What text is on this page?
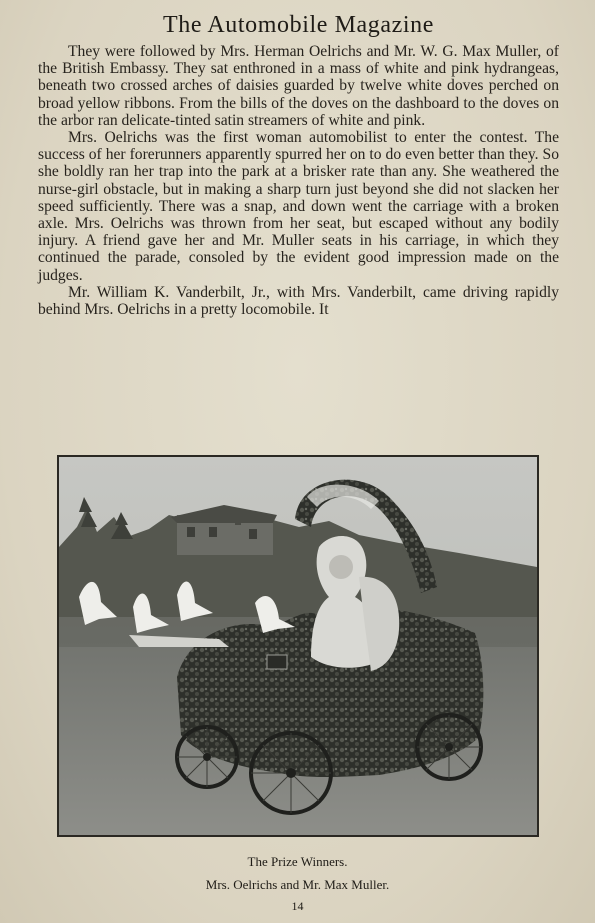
The Automobile Magazine

They were followed by Mrs. Herman Oelrichs and Mr. W. G. Max Muller, of the British Embassy. They sat enthroned in a mass of white and pink hydrangeas, beneath two crossed arches of daisies guarded by twelve white doves perched on broad yellow ribbons. From the bills of the doves on the dashboard to the doves on the arbor ran delicate-tinted satin streamers of white and pink.

Mrs. Oelrichs was the first woman automobilist to enter the contest. The success of her forerunners apparently spurred her on to do even better than they. So she boldly ran her trap into the park at a brisker rate than any. She weathered the nurse-girl obstacle, but in making a sharp turn just beyond she did not slacken her speed sufficiently. There was a snap, and down went the carriage with a broken axle. Mrs. Oelrichs was thrown from her seat, but escaped without any bodily injury. A friend gave her and Mr. Muller seats in his carriage, in which they continued the parade, consoled by the evident good impression made on the judges.

Mr. William K. Vanderbilt, Jr., with Mrs. Vanderbilt, came driving rapidly behind Mrs. Oelrichs in a pretty locomobile. It

The Prize Winners.
Mrs. Oelrichs and Mr. Max Muller.
14
